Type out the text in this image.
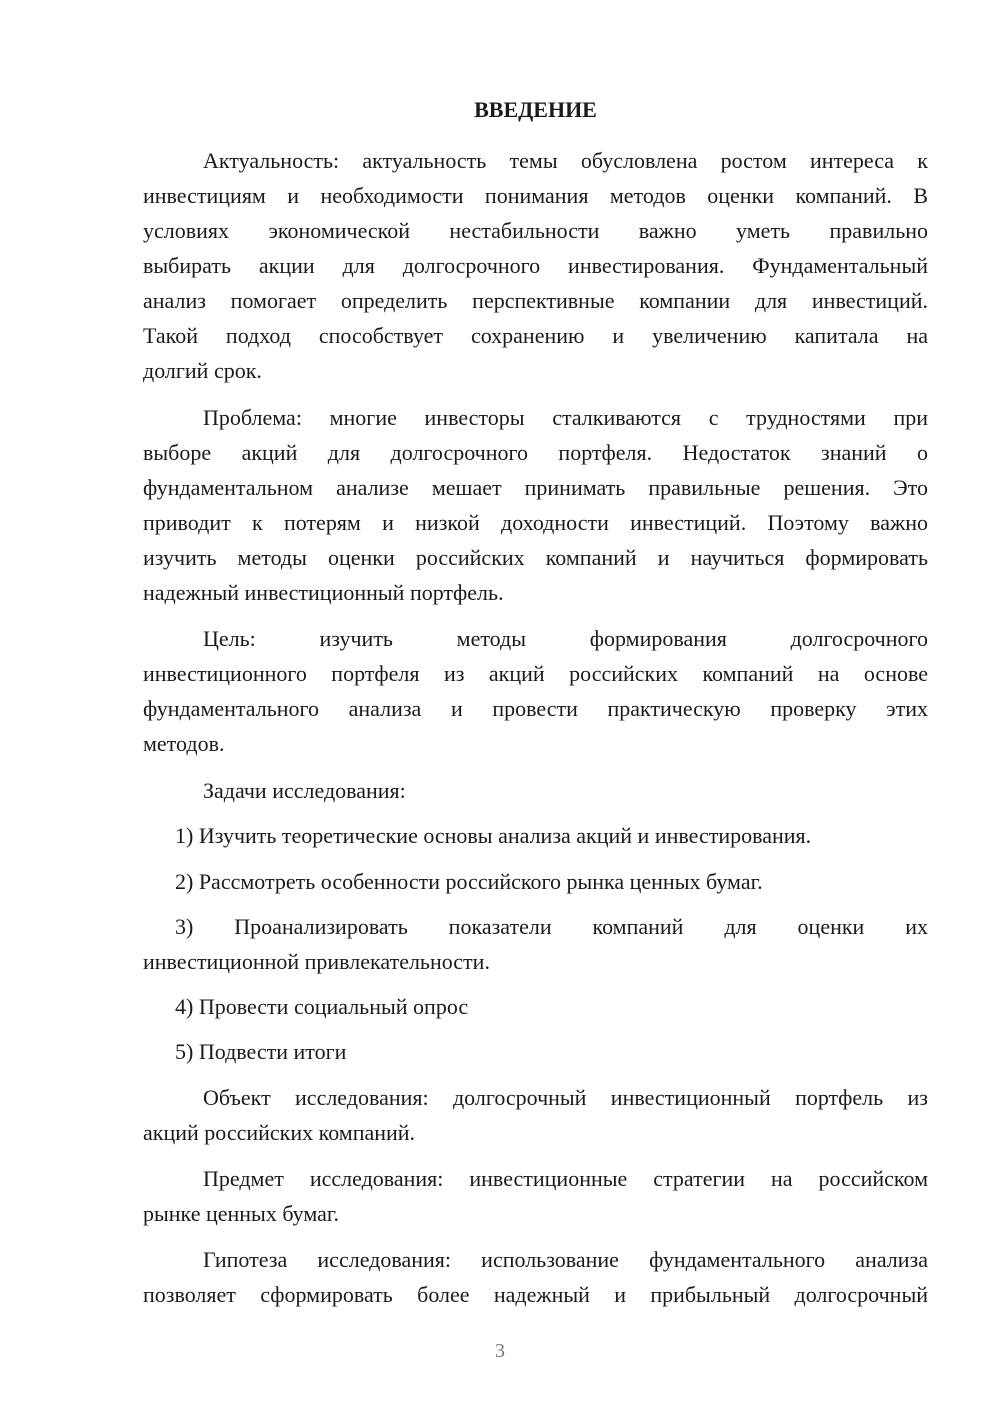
ВВЕДЕНИЕ
Актуальность: актуальность темы обусловлена ростом интереса к
инвестициям и необходимости понимания методов оценки компаний. В
условиях экономической нестабильности важно уметь правильно
выбирать акции для долгосрочного инвестирования. Фундаментальный
анализ помогает определить перспективные компании для инвестиций.
Такой подход способствует сохранению и увеличению капитала на
долгий срок.
Проблема: многие инвесторы сталкиваются с трудностями при
выборе акций для долгосрочного портфеля. Недостаток знаний о
фундаментальном анализе мешает принимать правильные решения. Это
приводит к потерям и низкой доходности инвестиций. Поэтому важно
изучить методы оценки российских компаний и научиться формировать
надежный инвестиционный портфель.
Цель: изучить методы формирования долгосрочного
инвестиционного портфеля из акций российских компаний на основе
фундаментального анализа и провести практическую проверку этих
методов.
Задачи исследования:
1) Изучить теоретические основы анализа акций и инвестирования.
2) Рассмотреть особенности российского рынка ценных бумаг.
3) Проанализировать показатели компаний для оценки их
инвестиционной привлекательности.
4) Провести социальный опрос
5) Подвести итоги
Объект исследования: долгосрочный инвестиционный портфель из
акций российских компаний.
Предмет исследования: инвестиционные стратегии на российском
рынке ценных бумаг.
Гипотеза исследования: использование фундаментального анализа
позволяет сформировать более надежный и прибыльный долгосрочный
3
